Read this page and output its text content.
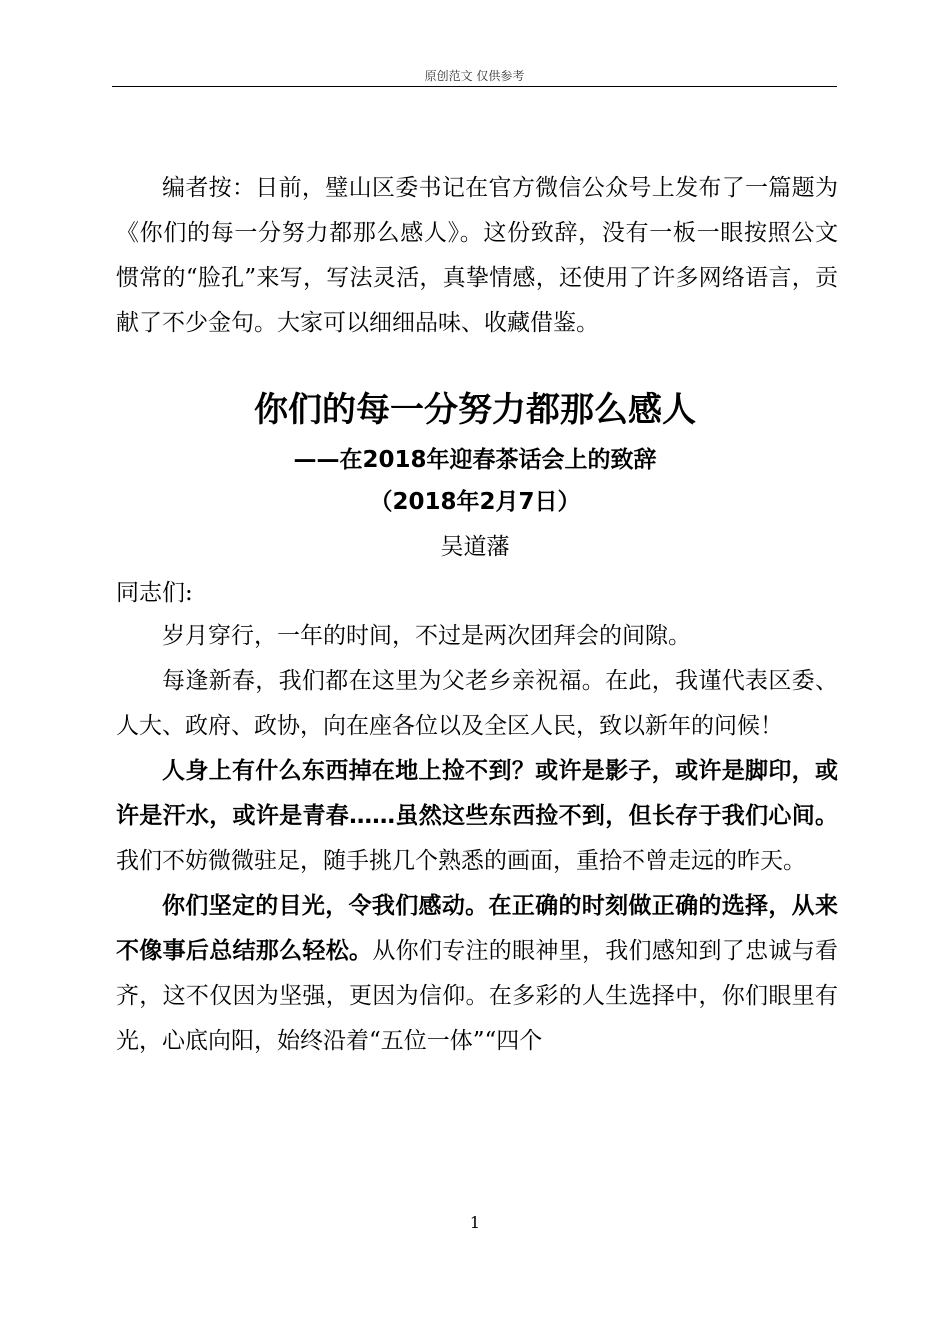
原创范文 仅供参考

编者按：日前，璧山区委书记在官方微信公众号上发布了一篇题为《你们的每一分努力都那么感人》。这份致辞，没有一板一眼按照公文惯常的“脸孔”来写，写法灵活，真挚情感，还使用了许多网络语言，贡献了不少金句。大家可以细细品味、收藏借鉴。

你们的每一分努力都那么感人
——在2018年迎春茶话会上的致辞
（2018年2月7日）
吴道藩
同志们:

岁月穿行，一年的时间，不过是两次团拜会的间隙。

每逢新春，我们都在这里为父老乡亲祝福。在此，我谨代表区委、人大、政府、政协，向在座各位以及全区人民，致以新年的问候！

人身上有什么东西掉在地上捡不到？或许是影子，或许是脚印，或许是汗水，或许是青春……虽然这些东西捡不到，但长存于我们心间。我们不妨微微驻足，随手挑几个熟悉的画面，重拾不曾走远的昨天。

你们坚定的目光，令我们感动。在正确的时刻做正确的选择，从来不像事后总结那么轻松。从你们专注的眼神里，我们感知到了忠诚与看齐，这不仅因为坚强，更因为信仰。在多彩的人生选择中，你们眼里有光，心底向阳，始终沿着“五位一体”“四个

1
